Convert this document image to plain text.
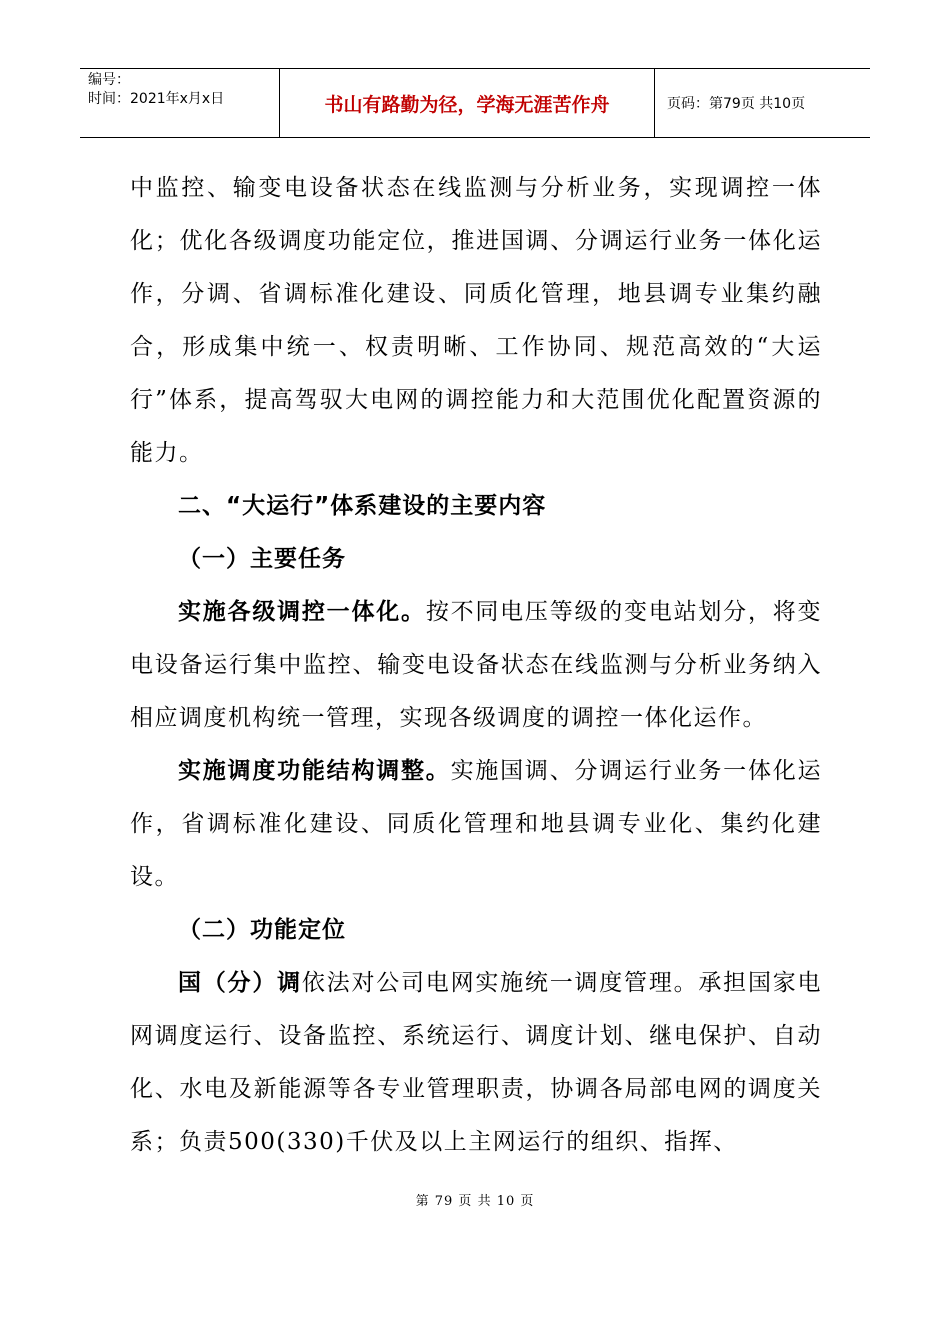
编号：
时间：2021年x月x日	书山有路勤为径，学海无涯苦作舟	页码：第79页 共10页

中监控、输变电设备状态在线监测与分析业务，实现调控一体化；优化各级调度功能定位，推进国调、分调运行业务一体化运作，分调、省调标准化建设、同质化管理，地县调专业集约融合，形成集中统一、权责明晰、工作协同、规范高效的“大运行”体系，提高驾驭大电网的调控能力和大范围优化配置资源的能力。

二、“大运行”体系建设的主要内容

（一）主要任务

实施各级调控一体化。按不同电压等级的变电站划分，将变电设备运行集中监控、输变电设备状态在线监测与分析业务纳入相应调度机构统一管理，实现各级调度的调控一体化运作。

实施调度功能结构调整。实施国调、分调运行业务一体化运作，省调标准化建设、同质化管理和地县调专业化、集约化建设。

（二）功能定位

国（分）调依法对公司电网实施统一调度管理。承担国家电网调度运行、设备监控、系统运行、调度计划、继电保护、自动化、水电及新能源等各专业管理职责，协调各局部电网的调度关系；负责500(330)千伏及以上主网运行的组织、指挥、

第 79 页 共 10 页
